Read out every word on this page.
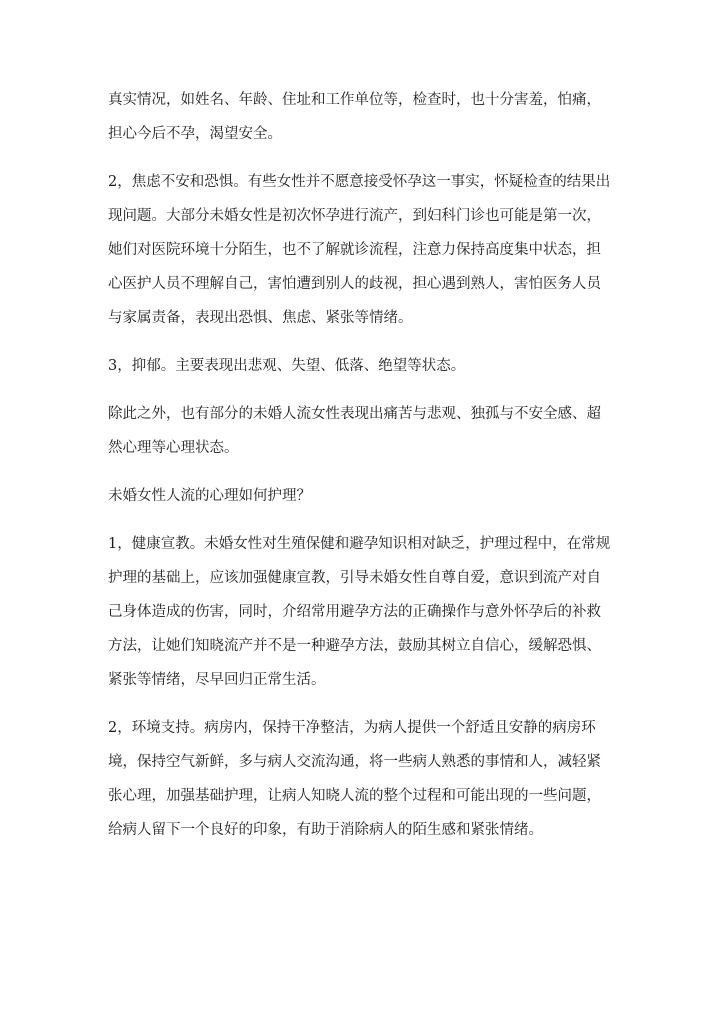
真实情况，如姓名、年龄、住址和工作单位等，检查时，也十分害羞，怕痛，
担心今后不孕，渴望安全。
2，焦虑不安和恐惧。有些女性并不愿意接受怀孕这一事实，怀疑检查的结果出
现问题。大部分未婚女性是初次怀孕进行流产，到妇科门诊也可能是第一次，
她们对医院环境十分陌生，也不了解就诊流程，注意力保持高度集中状态，担
心医护人员不理解自己，害怕遭到别人的歧视，担心遇到熟人，害怕医务人员
与家属责备，表现出恐惧、焦虑、紧张等情绪。
3，抑郁。主要表现出悲观、失望、低落、绝望等状态。
除此之外，也有部分的未婚人流女性表现出痛苦与悲观、独孤与不安全感、超
然心理等心理状态。
未婚女性人流的心理如何护理？
1，健康宣教。未婚女性对生殖保健和避孕知识相对缺乏，护理过程中，在常规
护理的基础上，应该加强健康宣教，引导未婚女性自尊自爱，意识到流产对自
己身体造成的伤害，同时，介绍常用避孕方法的正确操作与意外怀孕后的补救
方法，让她们知晓流产并不是一种避孕方法，鼓励其树立自信心，缓解恐惧、
紧张等情绪，尽早回归正常生活。
2，环境支持。病房内，保持干净整洁，为病人提供一个舒适且安静的病房环
境，保持空气新鲜，多与病人交流沟通，将一些病人熟悉的事情和人，减轻紧
张心理，加强基础护理，让病人知晓人流的整个过程和可能出现的一些问题，
给病人留下一个良好的印象，有助于消除病人的陌生感和紧张情绪。
